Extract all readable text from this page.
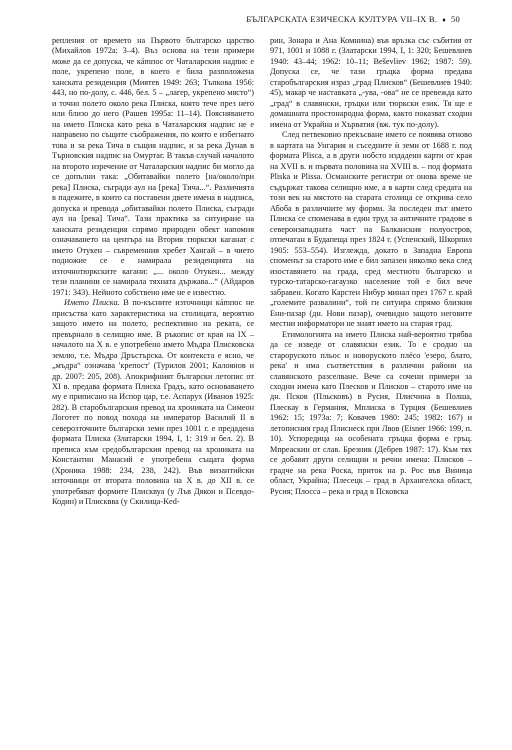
БЪЛГАРСКАТА ЕЗИЧЕСКА КУЛТУРА VII–IX В. ♦ 50

репления от времето на Първото българско царство (Михайлов 1972а: 3–4). Въз основа на тези примери може да се допуска, че кámпос от Чаталарския надпис е поле, укрепено поле, в което е била разположена ханската резиденция (Миятев 1949: 263; Тъпкова 1956: 443, но по-долу, с. 446, бел. 5 – „лагер, укрепено място“) и точно полето около река Плиска, която тече през него или близо до него (Рашев 1995а: 11–14). Поясняването на името Плиска като река в Чаталарския надпис не е направено по същите съображения, по които е избегнато това и за река Тича в същия надпис, и за река Дунав в Търновския надпис на Омуртаг. В такъв случай началото на второто изречение от Чаталарския надпис би могло да се допълни така: „Обитавайки полето [на/около/при река] Плиска, съгради аул на [река] Тича...“. Различията в падежите, в които са поставени двете имена в надписа, допуска и превода „обитавайки полето Плиска, съгради аул на [река] Тича“. Тази практика за ситуиране на ханската резиденция спрямо природен обект напомня означаването на центъра на Втория тюркски каганат с името Отукен – съвременния хребет Хангай – в чието подножие се е намирала резиденцията на източнотюркските кагани: „... около Отукен... между тези планини се намирала тяхната държава...“ (Айдаров 1971: 343). Нейното собствено име не е известно.

Името Плиска. В по-късните източници кámпос не присъства като характеристика на столицата, вероятно защото името на полето, респективно на реката, се превърнало в селищно име. В ръкопис от края на IX – началото на X в. е употребено името Мъдра Плисковска землю, т.е. Мъдра Дръстърска. От контекста е ясно, че „мъдра“ означава 'крепост' (Турилов 2001; Калоянов и др. 2007: 205, 208). Апокрифният български летопис от XI в. предава формата Плиска Градъ, като основаването му е приписано на Испор цар, т.е. Аспарух (Иванов 1925: 282). В старобългарския превод на хрониката на Симеон Логотет по повод похода на император Василий II в северозточните български земи през 1001 г. е предадена формата Плиска (Златарски 1994, I, 1: 319 и бел. 2). В преписа към средобългарския превод на хрониката на Константин Манасий е употребена същата форма (Хроника 1988: 234, 238, 242). Във византийски източници от втората половина на X в. до XII в. се употребяват формите Плисквуа (у Лъв Дякон и Псевдо-Кодин) и Плисквва (у Скилица-Ked-

рин, Зонара и Ана Комнина) във връзка със събития от 971, 1001 и 1088 г. (Златарски 1994, I, 1: 320; Бешевлиев 1940: 43–44; 1962: 10–11; Beševliev 1962; 1987: 59). Допуска се, че тази гръцка форма предава старобългарския израз „град Плисков“ (Бешевлиев 1940: 45), макар че наставката „-ува, -ова“ не се превежда като „град“ в славянски, гръцки или тюркски език. Тя ще е домашната простонародна форма, както показват сходни имена от Украйна и Хърватия (вж. тук по-долу).

След петвековно прекъсване името се появява отново в картата на Унгария и съседните ѝ земи от 1688 г. под формата Plisca, а в други нобсто издадени карти от края на XVII в. и първата половина на XVIII в. – под формата Pliska и Plissa. Османските регистри от онова време не съдържат такова селищно име, а в карти след средата на този век на мястото на старата столица се открива село Абоба в различните му форми. За последен път името Плиска се споменава в един труд за античните градове в североизападната част на Балканския полуостров, отпечатан в Будапеща през 1824 г. (Успенский, Шкорпил 1905: 553–554). Изглежда, докато в Западна Европа споменът за старото име е бил запазен няколко века след изоставянето на града, сред местното българско и турско-татарско-гагаузко население той е бил вече забравен. Когато Карстен Нибур минал през 1767 г. край „големите развалини“, той ги ситуира спрямо близкия Ени-пазар (дн. Нови пазар), очевидно защото неговите местни информатори не знаят името на старая град.

Етимологията на името Плиска най-вероятно трябва да се изведе от славянски език. То е сродно на старорускотo пльос и новоруското плёсо 'езеро, блато, река' и има съответствия в различни райони на славянското разселване. Вече са сочени примери за сходни имена като Плесков и Плисков – старото име на дн. Псков (Пльсковъ) в Русия, Плисчина в Полша, Плескау в Германия, Мплиска в Турция (Бешевлиев 1962: 15; 1973а: 7; Ковачев 1980: 245; 1982: 167) и летописния град Плиснеск при Лвов (Eisner 1966: 199, п. 10). Успоредица на особената гръцка форма е гръц. Мпреаскин от слав. Брезник (Дебрев 1987: 17). Към тях се добавят други селищни и речни имена: Плисков – градче на река Роска, приток на р. Рос във Виница област, Украйна; Плесецк – град в Архангелска област, Русия; Плосса – река и град в Псковска
